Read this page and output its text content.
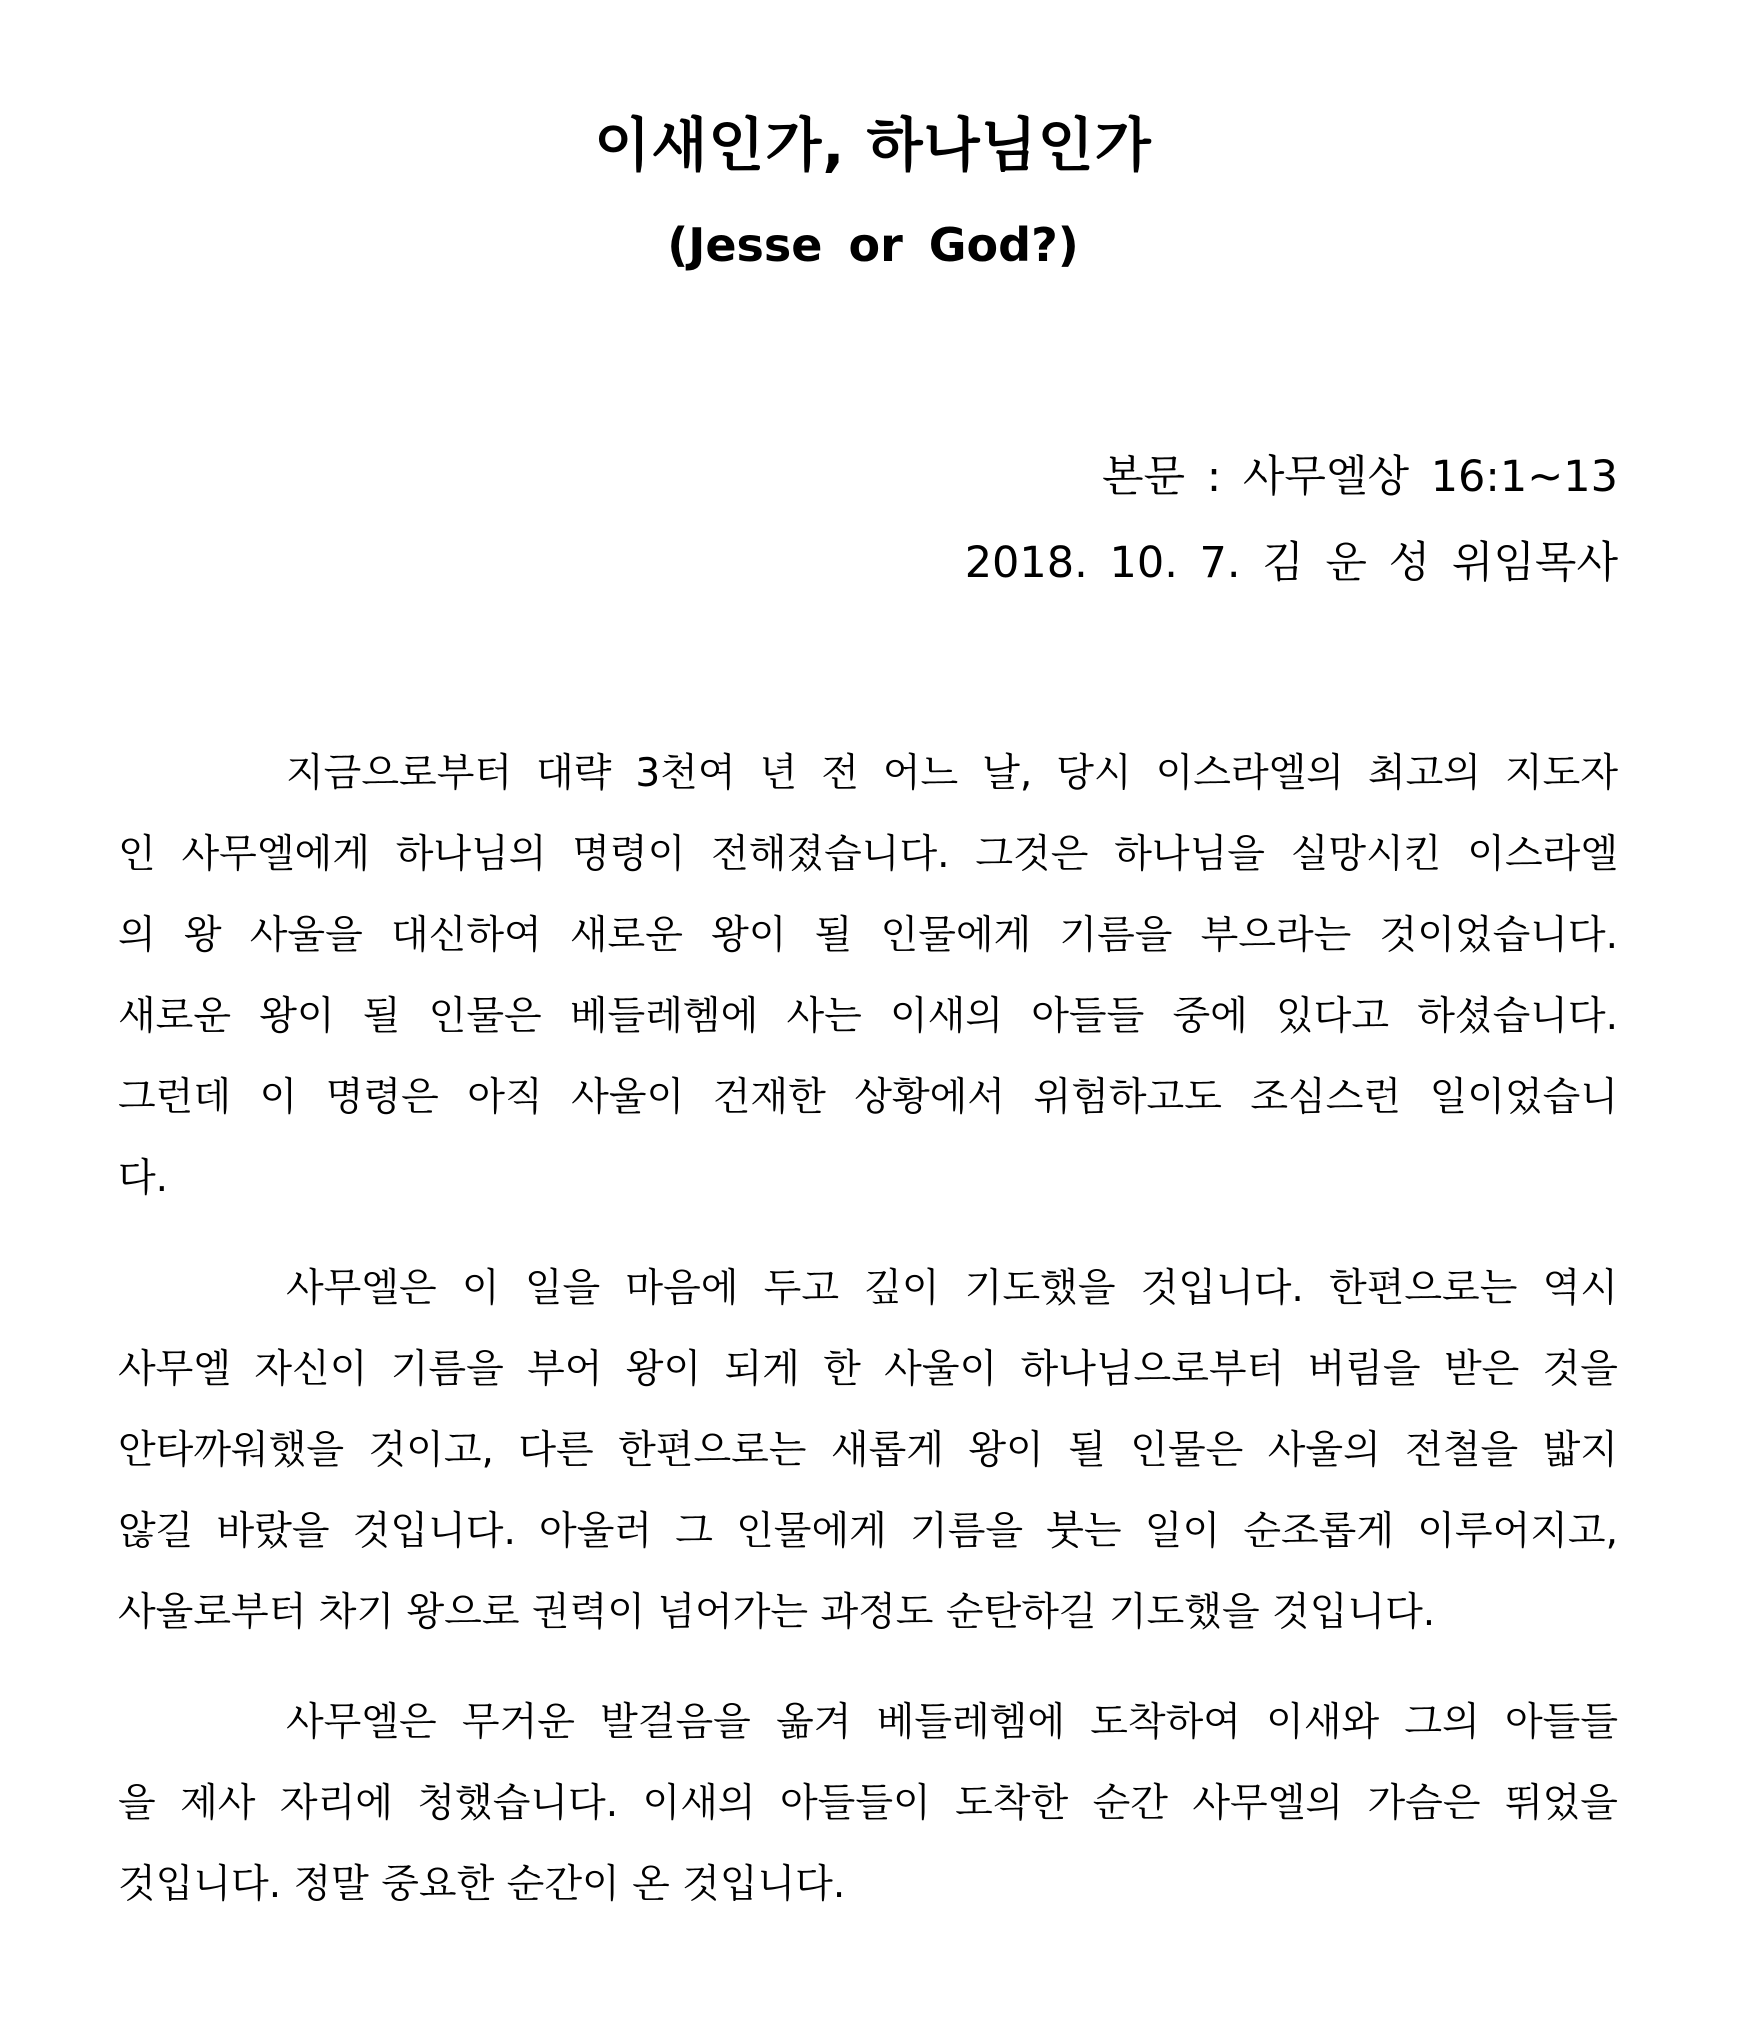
이새인가, 하나님인가
(Jesse or God?)

본문 : 사무엘상 16:1~13

2018. 10. 7. 김 운 성 위임목사

지금으로부터 대략 3천여 년 전 어느 날, 당시 이스라엘의 최고의 지도자
인 사무엘에게 하나님의 명령이 전해졌습니다. 그것은 하나님을 실망시킨 이스라엘
의 왕 사울을 대신하여 새로운 왕이 될 인물에게 기름을 부으라는 것이었습니다.
새로운 왕이 될 인물은 베들레헴에 사는 이새의 아들들 중에 있다고 하셨습니다.
그런데 이 명령은 아직 사울이 건재한 상황에서 위험하고도 조심스런 일이었습니
다.
사무엘은 이 일을 마음에 두고 깊이 기도했을 것입니다. 한편으로는 역시
사무엘 자신이 기름을 부어 왕이 되게 한 사울이 하나님으로부터 버림을 받은 것을
안타까워했을 것이고, 다른 한편으로는 새롭게 왕이 될 인물은 사울의 전철을 밟지
않길 바랐을 것입니다. 아울러 그 인물에게 기름을 붓는 일이 순조롭게 이루어지고,
사울로부터 차기 왕으로 권력이 넘어가는 과정도 순탄하길 기도했을 것입니다.
사무엘은 무거운 발걸음을 옮겨 베들레헴에 도착하여 이새와 그의 아들들
을 제사 자리에 청했습니다. 이새의 아들들이 도착한 순간 사무엘의 가슴은 뛰었을
것입니다. 정말 중요한 순간이 온 것입니다.
